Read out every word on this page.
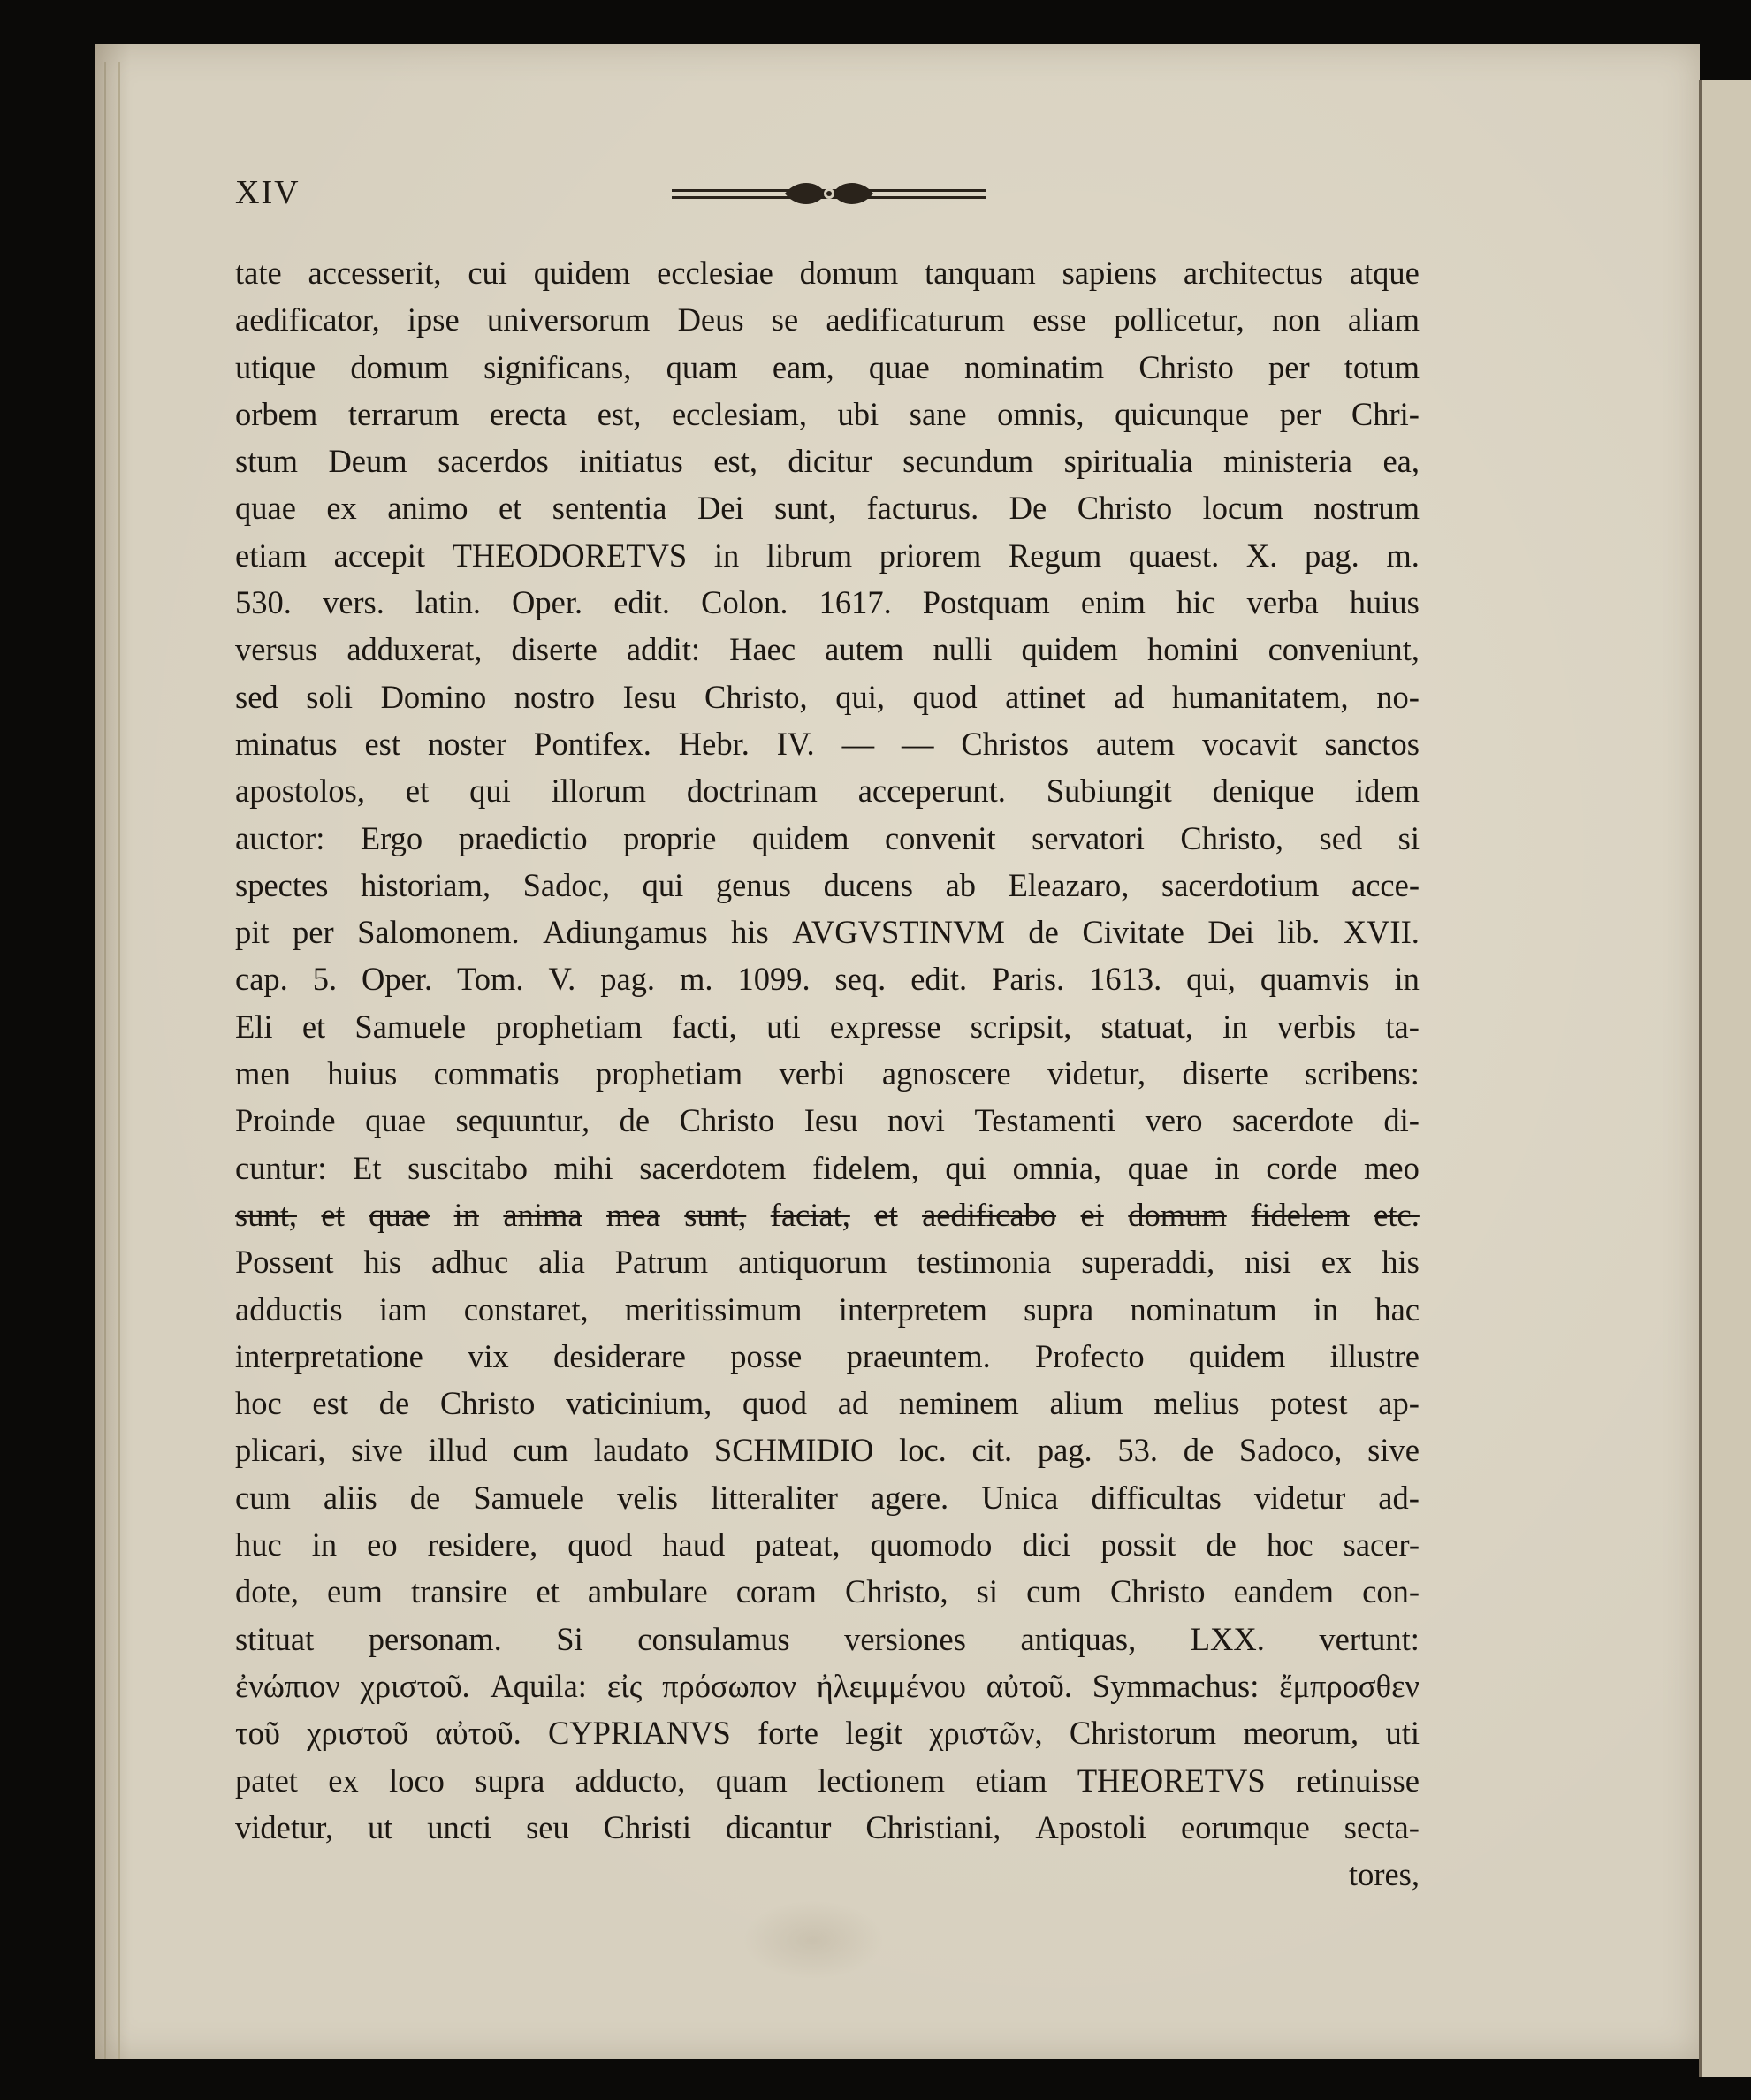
XIV
tate accesserit, cui quidem ecclesiae domum tanquam sapiens architectus atque
aedificator, ipse universorum Deus se aedificaturum esse pollicetur, non aliam
utique domum significans, quam eam, quae nominatim Christo per totum
orbem terrarum erecta est, ecclesiam, ubi sane omnis, quicunque per Chri-
stum Deum sacerdos initiatus est, dicitur secundum spiritualia ministeria ea,
quae ex animo et sententia Dei sunt, facturus. De Christo locum nostrum
etiam accepit THEODORETVS in librum priorem Regum quaest. X. pag. m.
530. vers. latin. Oper. edit. Colon. 1617. Postquam enim hic verba huius
versus adduxerat, diserte addit: Haec autem nulli quidem homini conveniunt,
sed soli Domino nostro Iesu Christo, qui, quod attinet ad humanitatem, no-
minatus est noster Pontifex. Hebr. IV. — — Christos autem vocavit sanctos
apostolos, et qui illorum doctrinam acceperunt. Subiungit denique idem
auctor: Ergo praedictio proprie quidem convenit servatori Christo, sed si
spectes historiam, Sadoc, qui genus ducens ab Eleazaro, sacerdotium acce-
pit per Salomonem. Adiungamus his AVGVSTINVM de Civitate Dei lib. XVII.
cap. 5. Oper. Tom. V. pag. m. 1099. seq. edit. Paris. 1613. qui, quamvis in
Eli et Samuele prophetiam facti, uti expresse scripsit, statuat, in verbis ta-
men huius commatis prophetiam verbi agnoscere videtur, diserte scribens:
Proinde quae sequuntur, de Christo Iesu novi Testamenti vero sacerdote di-
cuntur: Et suscitabo mihi sacerdotem fidelem, qui omnia, quae in corde meo
sunt, et quae in anima mea sunt, faciat, et aedificabo ei domum fidelem etc.
Possent his adhuc alia Patrum antiquorum testimonia superaddi, nisi ex his
adductis iam constaret, meritissimum interpretem supra nominatum in hac
interpretatione vix desiderare posse praeuntem. Profecto quidem illustre
hoc est de Christo vaticinium, quod ad neminem alium melius potest ap-
plicari, sive illud cum laudato SCHMIDIO loc. cit. pag. 53. de Sadoco, sive
cum aliis de Samuele velis litteraliter agere. Unica difficultas videtur ad-
huc in eo residere, quod haud pateat, quomodo dici possit de hoc sacer-
dote, eum transire et ambulare coram Christo, si cum Christo eandem con-
stituat personam. Si consulamus versiones antiquas, LXX. vertunt:
ἐνώπιον χριστοῦ. Aquila: εἰς πρόσωπον ἠλειμμένου αὐτοῦ. Symmachus: ἔμπροσθεν
τοῦ χριστοῦ αὐτοῦ. CYPRIANVS forte legit χριστῶν, Christorum meorum, uti
patet ex loco supra adducto, quam lectionem etiam THEORETVS retinuisse
videtur, ut uncti seu Christi dicantur Christiani, Apostoli eorumque secta-
tores,
